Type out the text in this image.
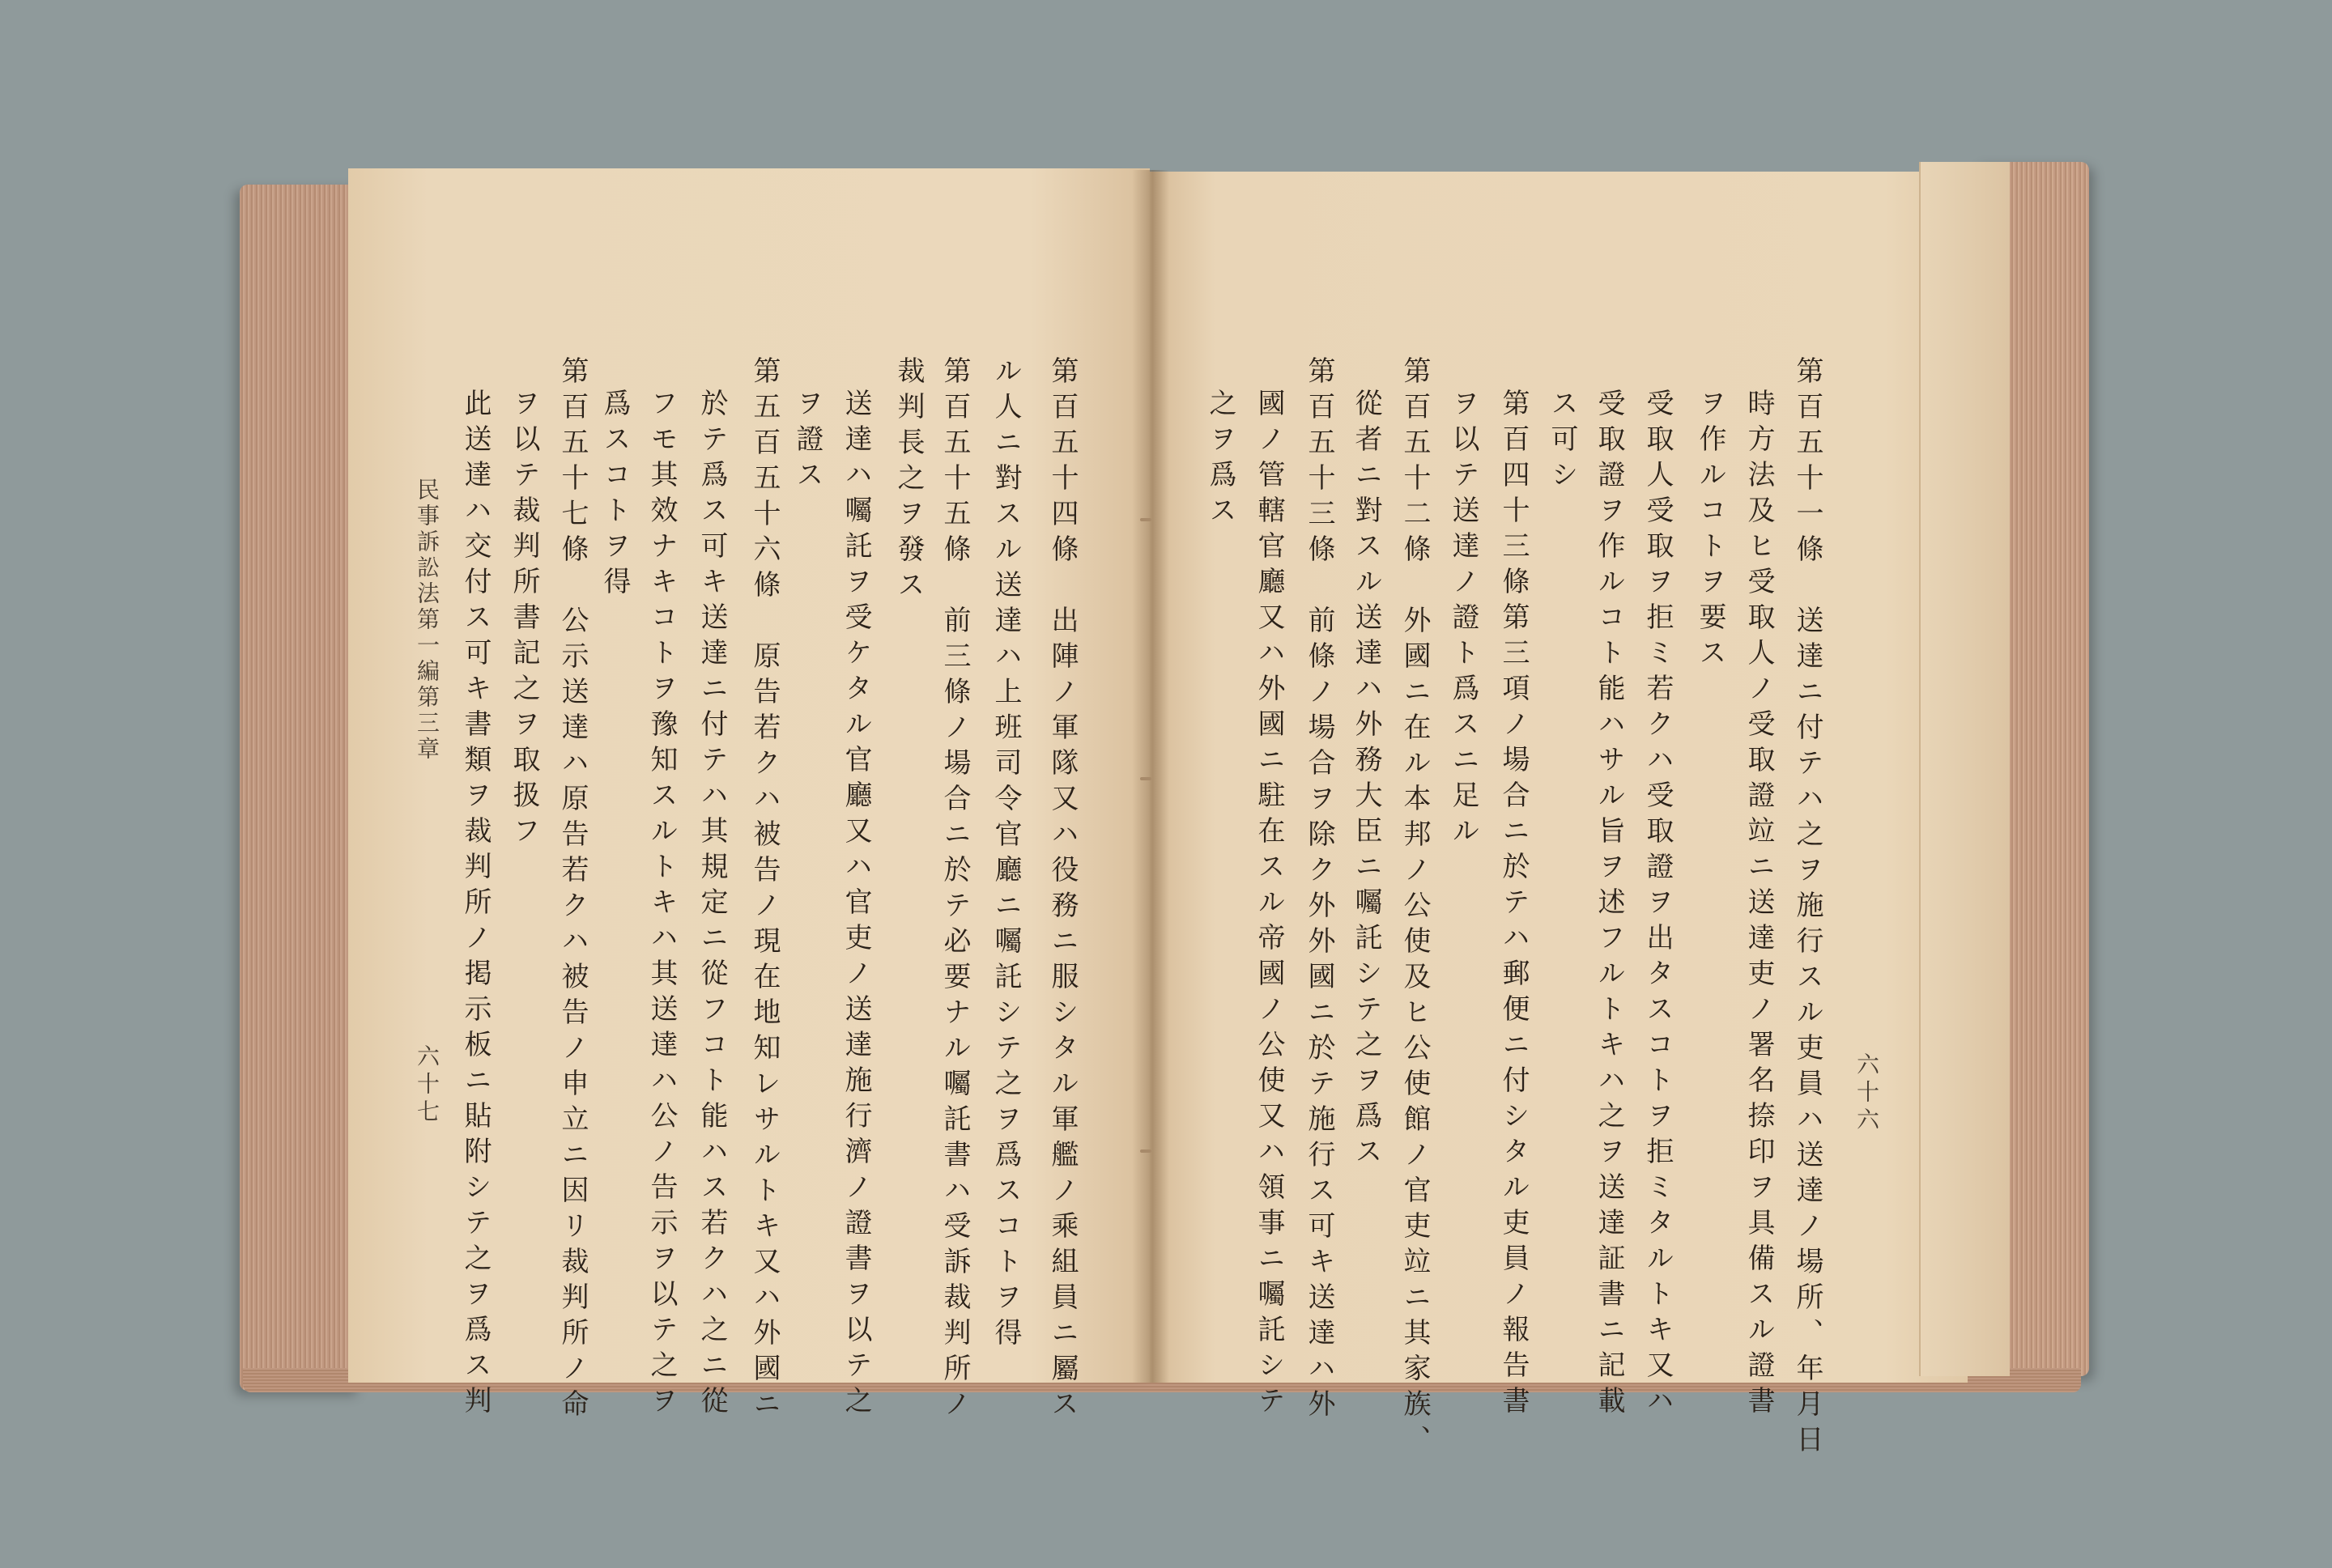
第百五十四條　出陣ノ軍隊又ハ役務ニ服シタル軍艦ノ乘組員ニ屬ス
ル人ニ對スル送達ハ上班司令官廳ニ囑託シテ之ヲ爲スコトヲ得
第百五十五條　前三條ノ場合ニ於テ必要ナル囑託書ハ受訴裁判所ノ
裁判長之ヲ發ス
送達ハ囑託ヲ受ケタル官廳又ハ官吏ノ送達施行濟ノ證書ヲ以テ之
ヲ證ス
第五百五十六條　原告若クハ被告ノ現在地知レサルトキ又ハ外國ニ
於テ爲ス可キ送達ニ付テハ其規定ニ從フコト能ハス若クハ之ニ從
フモ其效ナキコトヲ豫知スルトキハ其送達ハ公ノ告示ヲ以テ之ヲ
爲スコトヲ得
第百五十七條　公示送達ハ原告若クハ被告ノ申立ニ因リ裁判所ノ命
ヲ以テ裁判所書記之ヲ取扱フ
此送達ハ交付ス可キ書類ヲ裁判所ノ掲示板ニ貼附シテ之ヲ爲ス判
民事訴訟法第一編第三章
六十七	六十六
第百五十一條　送達ニ付テハ之ヲ施行スル吏員ハ送達ノ場所、年月日
時方法及ヒ受取人ノ受取證竝ニ送達吏ノ署名捺印ヲ具備スル證書
ヲ作ルコトヲ要ス
受取人受取ヲ拒ミ若クハ受取證ヲ出タスコトヲ拒ミタルトキ又ハ
受取證ヲ作ルコト能ハサル旨ヲ述フルトキハ之ヲ送達証書ニ記載
ス可シ
第百四十三條第三項ノ場合ニ於テハ郵便ニ付シタル吏員ノ報告書
ヲ以テ送達ノ證ト爲スニ足ル
第百五十二條　外國ニ在ル本邦ノ公使及ヒ公使館ノ官吏竝ニ其家族、
從者ニ對スル送達ハ外務大臣ニ囑託シテ之ヲ爲ス
第百五十三條　前條ノ場合ヲ除ク外外國ニ於テ施行ス可キ送達ハ外
國ノ管轄官廳又ハ外國ニ駐在スル帝國ノ公使又ハ領事ニ囑託シテ
之ヲ爲ス
